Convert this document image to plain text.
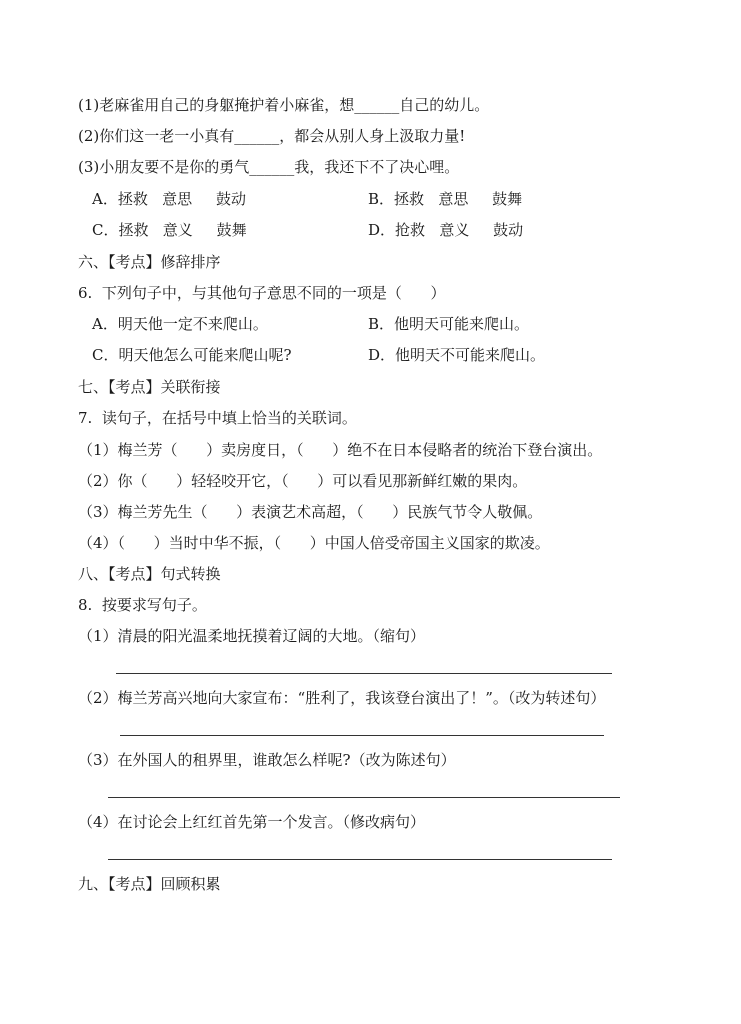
(1)老麻雀用自己的身躯掩护着小麻雀，想______自己的幼儿。
(2)你们这一老一小真有______，都会从别人身上汲取力量!
(3)小朋友要不是你的勇气______我，我还下不了决心哩。
A．拯救   意思     鼓动	B．拯救   意思     鼓舞
C．拯救   意义     鼓舞	D．抢救   意义     鼓动
六、【考点】修辞排序
6.  下列句子中，与其他句子意思不同的一项是（      ）
A．明天他一定不来爬山。	B．他明天可能来爬山。
C．明天他怎么可能来爬山呢?	D．他明天不可能来爬山。
七、【考点】关联衔接
7.  读句子，在括号中填上恰当的关联词。
（1）梅兰芳（      ）卖房度日，（      ）绝不在日本侵略者的统治下登台演出。
（2）你（      ）轻轻咬开它，（      ）可以看见那新鲜红嫩的果肉。
（3）梅兰芳先生（      ）表演艺术高超，（      ）民族气节令人敬佩。
（4）（      ）当时中华不振，（      ）中国人倍受帝国主义国家的欺凌。
八、【考点】句式转换
8.  按要求写句子。
（1）清晨的阳光温柔地抚摸着辽阔的大地。（缩句）
（2）梅兰芳高兴地向大家宣布：“胜利了，我该登台演出了！”。（改为转述句）
（3）在外国人的租界里，谁敢怎么样呢?（改为陈述句）
（4）在讨论会上红红首先第一个发言。（修改病句）
九、【考点】回顾积累
